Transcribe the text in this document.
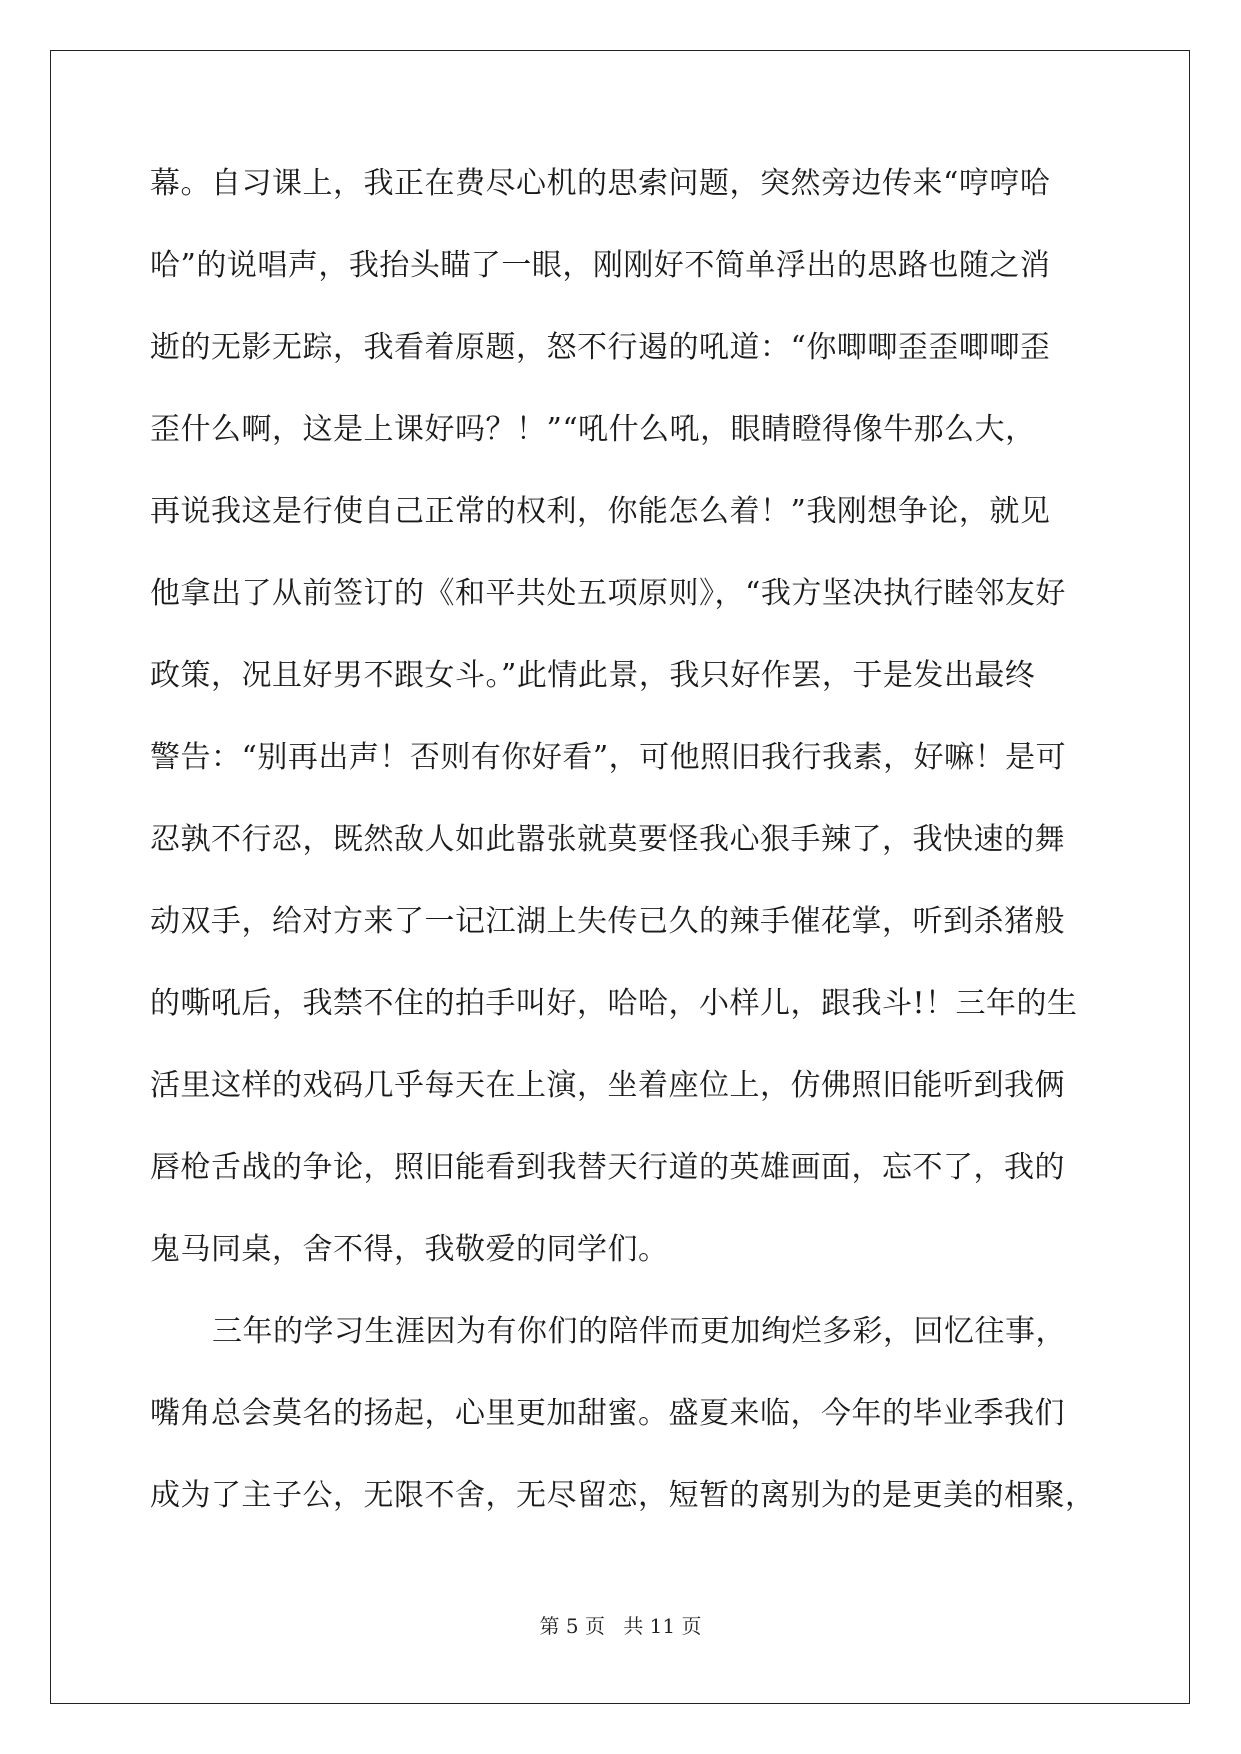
幕。自习课上，我正在费尽心机的思索问题，突然旁边传来“哼哼哈
哈”的说唱声，我抬头瞄了一眼，刚刚好不简单浮出的思路也随之消
逝的无影无踪，我看着原题，怒不行遏的吼道：“你唧唧歪歪唧唧歪
歪什么啊，这是上课好吗？！”“吼什么吼，眼睛瞪得像牛那么大，
再说我这是行使自己正常的权利，你能怎么着！”我刚想争论，就见
他拿出了从前签订的《和平共处五项原则》，“我方坚决执行睦邻友好
政策，况且好男不跟女斗。”此情此景，我只好作罢，于是发出最终
警告：“别再出声！否则有你好看”，可他照旧我行我素，好嘛！是可
忍孰不行忍，既然敌人如此嚣张就莫要怪我心狠手辣了，我快速的舞
动双手，给对方来了一记江湖上失传已久的辣手催花掌，听到杀猪般
的嘶吼后，我禁不住的拍手叫好，哈哈，小样儿，跟我斗!！三年的生
活里这样的戏码几乎每天在上演，坐着座位上，仿佛照旧能听到我俩
唇枪舌战的争论，照旧能看到我替天行道的英雄画面，忘不了，我的
鬼马同桌，舍不得，我敬爱的同学们。
三年的学习生涯因为有你们的陪伴而更加绚烂多彩，回忆往事，
嘴角总会莫名的扬起，心里更加甜蜜。盛夏来临，今年的毕业季我们
成为了主子公，无限不舍，无尽留恋，短暂的离别为的是更美的相聚，
第 5 页 共 11 页
